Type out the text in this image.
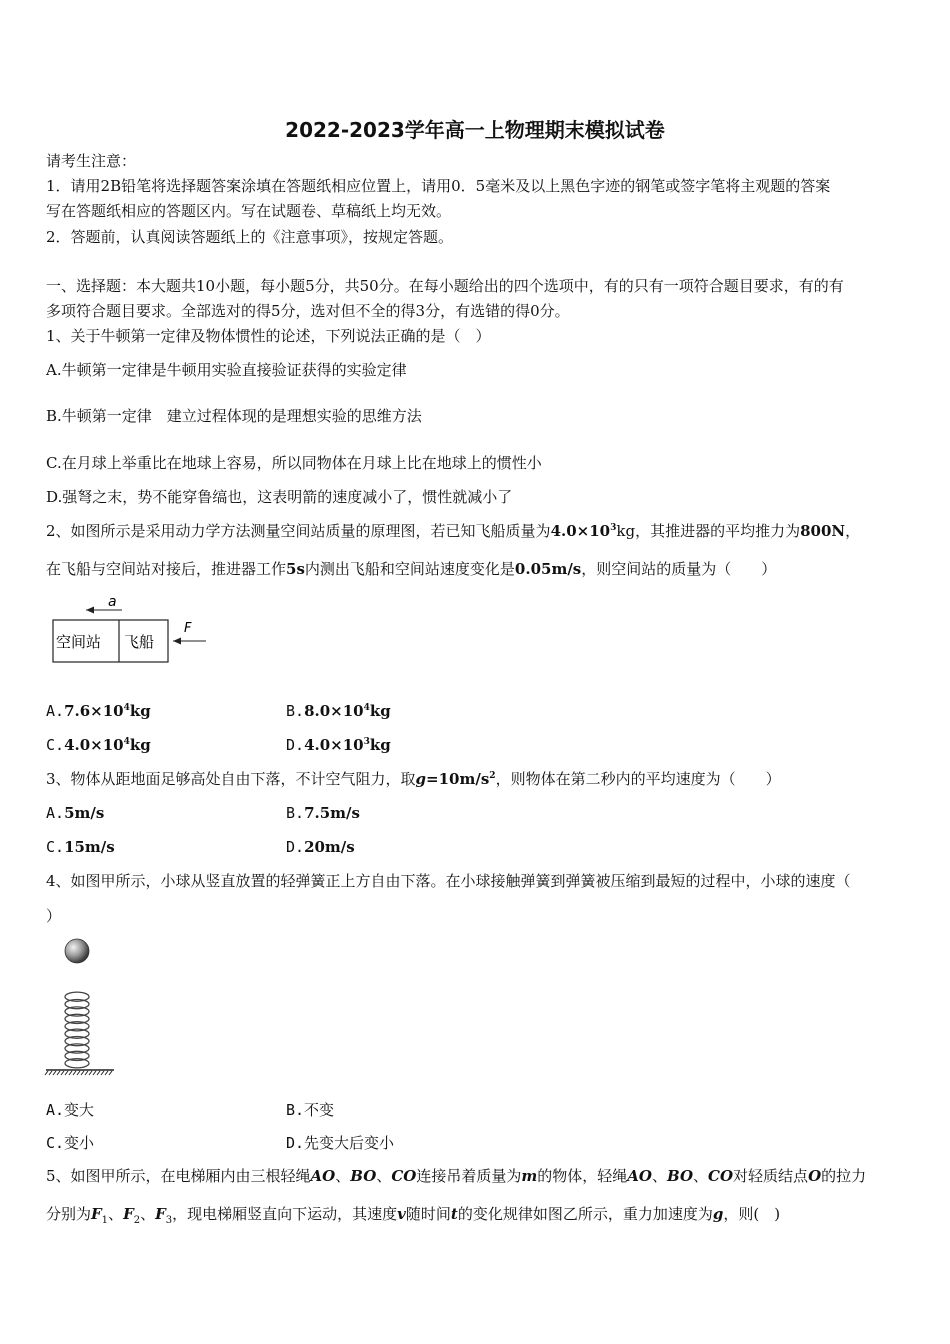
2022-2023学年高一上物理期末模拟试卷
请考生注意：
1．请用2B铅笔将选择题答案涂填在答题纸相应位置上，请用0．5毫米及以上黑色字迹的钢笔或签字笔将主观题的答案
写在答题纸相应的答题区内。写在试题卷、草稿纸上均无效。
2．答题前，认真阅读答题纸上的《注意事项》，按规定答题。
一、选择题：本大题共10小题，每小题5分，共50分。在每小题给出的四个选项中，有的只有一项符合题目要求，有的有
多项符合题目要求。全部选对的得5分，选对但不全的得3分，有选错的得0分。
1、关于牛顿第一定律及物体惯性的论述，下列说法正确的是（　）
A.牛顿第一定律是牛顿用实验直接验证获得的实验定律
B.牛顿第一定律　建立过程体现的是理想实验的思维方法
C.在月球上举重比在地球上容易，所以同物体在月球上比在地球上的惯性小
D.强弩之末，势不能穿鲁缟也，这表明箭的速度减小了，惯性就减小了
2、如图所示是采用动力学方法测量空间站质量的原理图，若已知飞船质量为$4.0\times 10^3kg$，其推进器的平均推力为800N，
在飞船与空间站对接后，推进器工作5s内测出飞船和空间站速度变化是0.05m/s，则空间站的质量为（　　）
a
空间站 飞船
F
$A.7.6\times 10^4kg$	$B.8.0\times 10^4kg$
$C.4.0\times 10^4kg$	$D.4.0\times 10^3kg$
3、物体从距地面足够高处自由下落，不计空气阻力，取$g=10m/s^2$，则物体在第二秒内的平均速度为（　　）
A.5m/s	B.7.5m/s
C.15m/s	D.20m/s
4、如图甲所示，小球从竖直放置的轻弹簧正上方自由下落。在小球接触弹簧到弹簧被压缩到最短的过程中，小球的速度（
）
A.变大	B.不变
C.变小	D.先变大后变小
5、如图甲所示，在电梯厢内由三根轻绳AO、BO、CO连接吊着质量为m的物体，轻绳AO、BO、CO对轻质结点O的拉力
分别为$F_1$、$F_2$、$F_3$，现电梯厢竖直向下运动，其速度v随时间t的变化规律如图乙所示，重力加速度为g，则(　)
